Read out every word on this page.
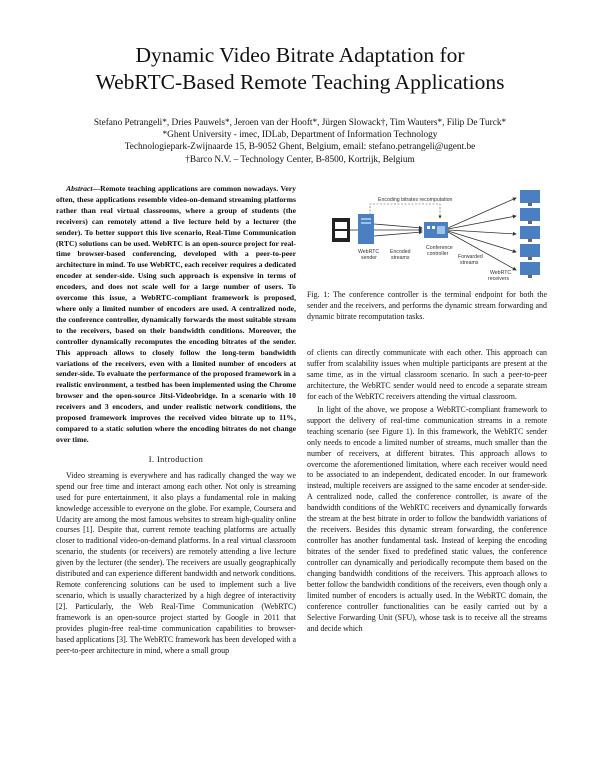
Dynamic Video Bitrate Adaptation for
WebRTC-Based Remote Teaching Applications
Stefano Petrangeli*, Dries Pauwels*, Jeroen van der Hooft*, Jürgen Slowack†, Tim Wauters*, Filip De Turck*
*Ghent University - imec, IDLab, Department of Information Technology
Technologiepark-Zwijnaarde 15, B-9052 Ghent, Belgium, email: stefano.petrangeli@ugent.be
†Barco N.V. – Technology Center, B-8500, Kortrijk, Belgium

Abstract—Remote teaching applications are common nowadays. Very often, these applications resemble video-on-demand streaming platforms rather than real virtual classrooms, where a group of students (the receivers) can remotely attend a live lecture held by a lecturer (the sender). To better support this live scenario, Real-Time Communication (RTC) solutions can be used. WebRTC is an open-source project for real-time browser-based conferencing, developed with a peer-to-peer architecture in mind. To use WebRTC, each receiver requires a dedicated encoder at sender-side. Using such approach is expensive in terms of encoders, and does not scale well for a large number of users. To overcome this issue, a WebRTC-compliant framework is proposed, where only a limited number of encoders are used. A centralized node, the conference controller, dynamically forwards the most suitable stream to the receivers, based on their bandwidth conditions. Moreover, the controller dynamically recomputes the encoding bitrates of the sender. This approach allows to closely follow the long-term bandwidth variations of the receivers, even with a limited number of encoders at sender-side. To evaluate the performance of the proposed framework in a realistic environment, a testbed has been implemented using the Chrome browser and the open-source Jitsi-Videobridge. In a scenario with 10 receivers and 3 encoders, and under realistic network conditions, the proposed framework improves the received video bitrate up to 11%, compared to a static solution where the encoding bitrates do not change over time.

I. Introduction

Video streaming is everywhere and has radically changed the way we spend our free time and interact among each other. Not only is streaming used for pure entertainment, it also plays a fundamental role in making knowledge accessible to everyone on the globe. For example, Coursera and Udacity are among the most famous websites to stream high-quality online courses [1]. Despite that, current remote teaching platforms are actually closer to traditional video-on-demand platforms. In a real virtual classroom scenario, the students (or receivers) are remotely attending a live lecture given by the lecturer (the sender). The receivers are usually geographically distributed and can experience different bandwidth and network conditions. Remote conferencing solutions can be used to implement such a live scenario, which is usually characterized by a high degree of interactivity [2]. Particularly, the Web Real-Time Communication (WebRTC) framework is an open-source project started by Google in 2011 that provides plugin-free real-time communication capabilities to browser-based applications [3]. The WebRTC framework has been developed with a peer-to-peer architecture in mind, where a small group

Encoding bitrates recomputation
WebRTC
sender
Encoded
streams
Conference
controller Forwarded
streams
WebRTC
receivers
Fig. 1: The conference controller is the terminal endpoint for both the sender and the receivers, and performs the dynamic stream forwarding and dynamic bitrate recomputation tasks.

of clients can directly communicate with each other. This approach can suffer from scalability issues when multiple participants are present at the same time, as in the virtual classroom scenario. In such a peer-to-peer architecture, the WebRTC sender would need to encode a separate stream for each of the WebRTC receivers attending the virtual classroom.

In light of the above, we propose a WebRTC-compliant framework to support the delivery of real-time communication streams in a remote teaching scenario (see Figure 1). In this framework, the WebRTC sender only needs to encode a limited number of streams, much smaller than the number of receivers, at different bitrates. This approach allows to overcome the aforementioned limitation, where each receiver would need to be associated to an independent, dedicated encoder. In our framework instead, multiple receivers are assigned to the same encoder at sender-side. A centralized node, called the conference controller, is aware of the bandwidth conditions of the WebRTC receivers and dynamically forwards the stream at the best bitrate in order to follow the bandwidth variations of the receivers. Besides this dynamic stream forwarding, the conference controller has another fundamental task. Instead of keeping the encoding bitrates of the sender fixed to predefined static values, the conference controller can dynamically and periodically recompute them based on the changing bandwidth conditions of the receivers. This approach allows to better follow the bandwidth conditions of the receivers, even though only a limited number of encoders is actually used. In the WebRTC domain, the conference controller functionalities can be easily carried out by a Selective Forwarding Unit (SFU), whose task is to receive all the streams and decide which
